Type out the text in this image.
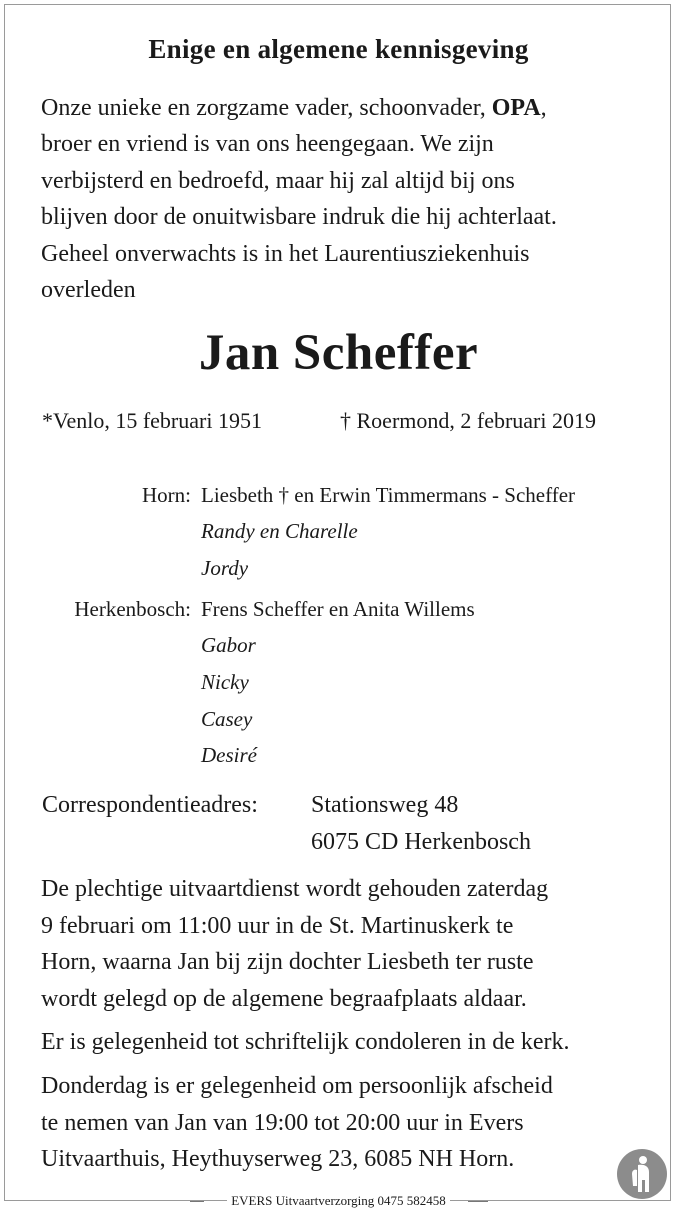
Enige en algemene kennisgeving
Onze unieke en zorgzame vader, schoonvader, OPA,
broer en vriend is van ons heengegaan. We zijn
verbijsterd en bedroefd, maar hij zal altijd bij ons
blijven door de onuitwisbare indruk die hij achterlaat.
Geheel onverwachts is in het Laurentiusziekenhuis
overleden
Jan Scheffer
*Venlo, 15 februari 1951	† Roermond, 2 februari 2019
Horn: Liesbeth † en Erwin Timmermans - Scheffer
Randy en Charelle
Jordy
Herkenbosch: Frens Scheffer en Anita Willems
Gabor
Nicky
Casey
Desiré
Correspondentieadres: Stationsweg 48
6075 CD Herkenbosch
De plechtige uitvaartdienst wordt gehouden zaterdag
9 februari om 11:00 uur in de St. Martinuskerk te
Horn, waarna Jan bij zijn dochter Liesbeth ter ruste
wordt gelegd op de algemene begraafplaats aldaar.
Er is gelegenheid tot schriftelijk condoleren in de kerk.
Donderdag is er gelegenheid om persoonlijk afscheid
te nemen van Jan van 19:00 tot 20:00 uur in Evers
Uitvaarthuis, Heythuyserweg 23, 6085 NH Horn.
EVERS Uitvaartverzorging 0475 582458
